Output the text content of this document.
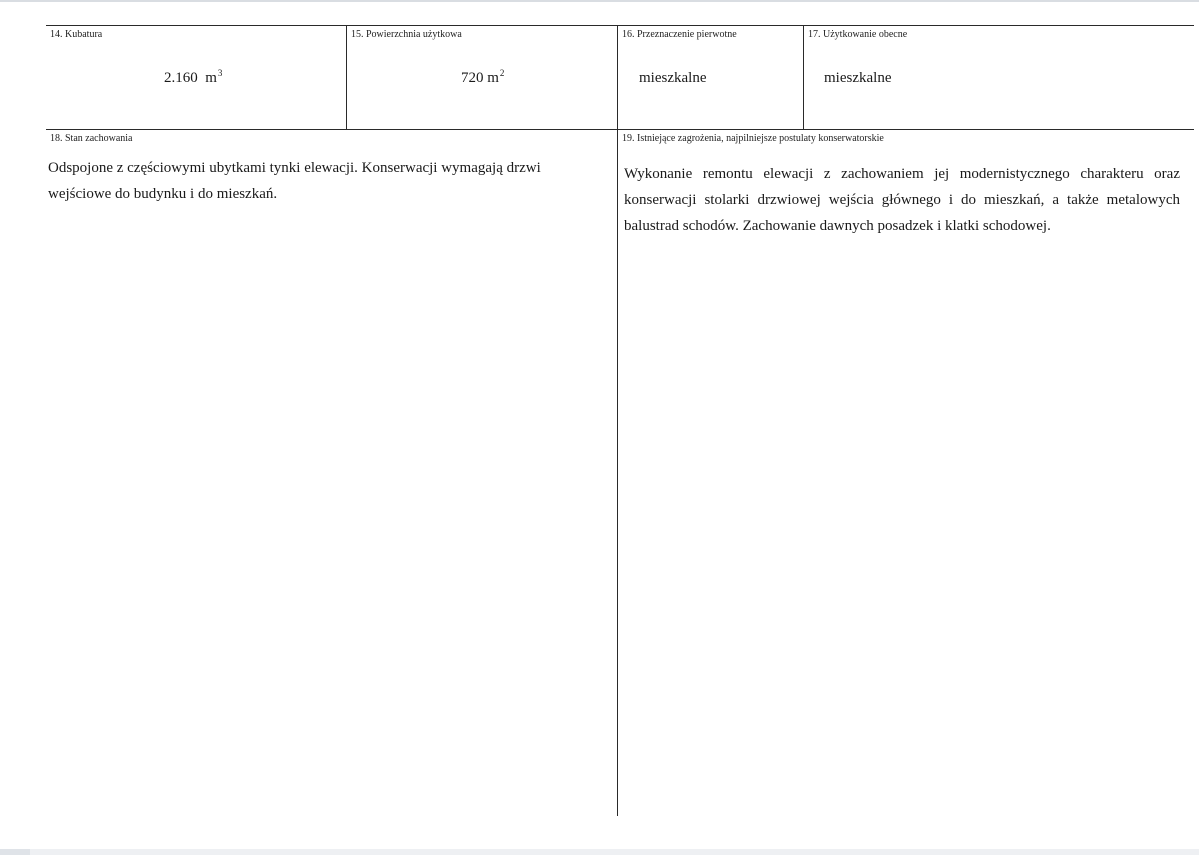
14. Kubatura
2.160 $m^3$
15. Powierzchnia użytkowa
720 $m^2$
16. Przeznaczenie pierwotne
mieszkalne
17. Użytkowanie obecne
mieszkalne
18. Stan zachowania
Odspojone z częściowymi ubytkami tynki elewacji. Konserwacji wymagają drzwi wejściowe do budynku i do mieszkań.
19. Istniejące zagrożenia, najpilniejsze postulaty konserwatorskie
Wykonanie remontu elewacji z zachowaniem jej modernistycznego charakteru oraz konserwacji stolarki drzwiowej wejścia głównego i do mieszkań, a także metalowych balustrad schodów. Zachowanie dawnych posadzek i klatki schodowej.
